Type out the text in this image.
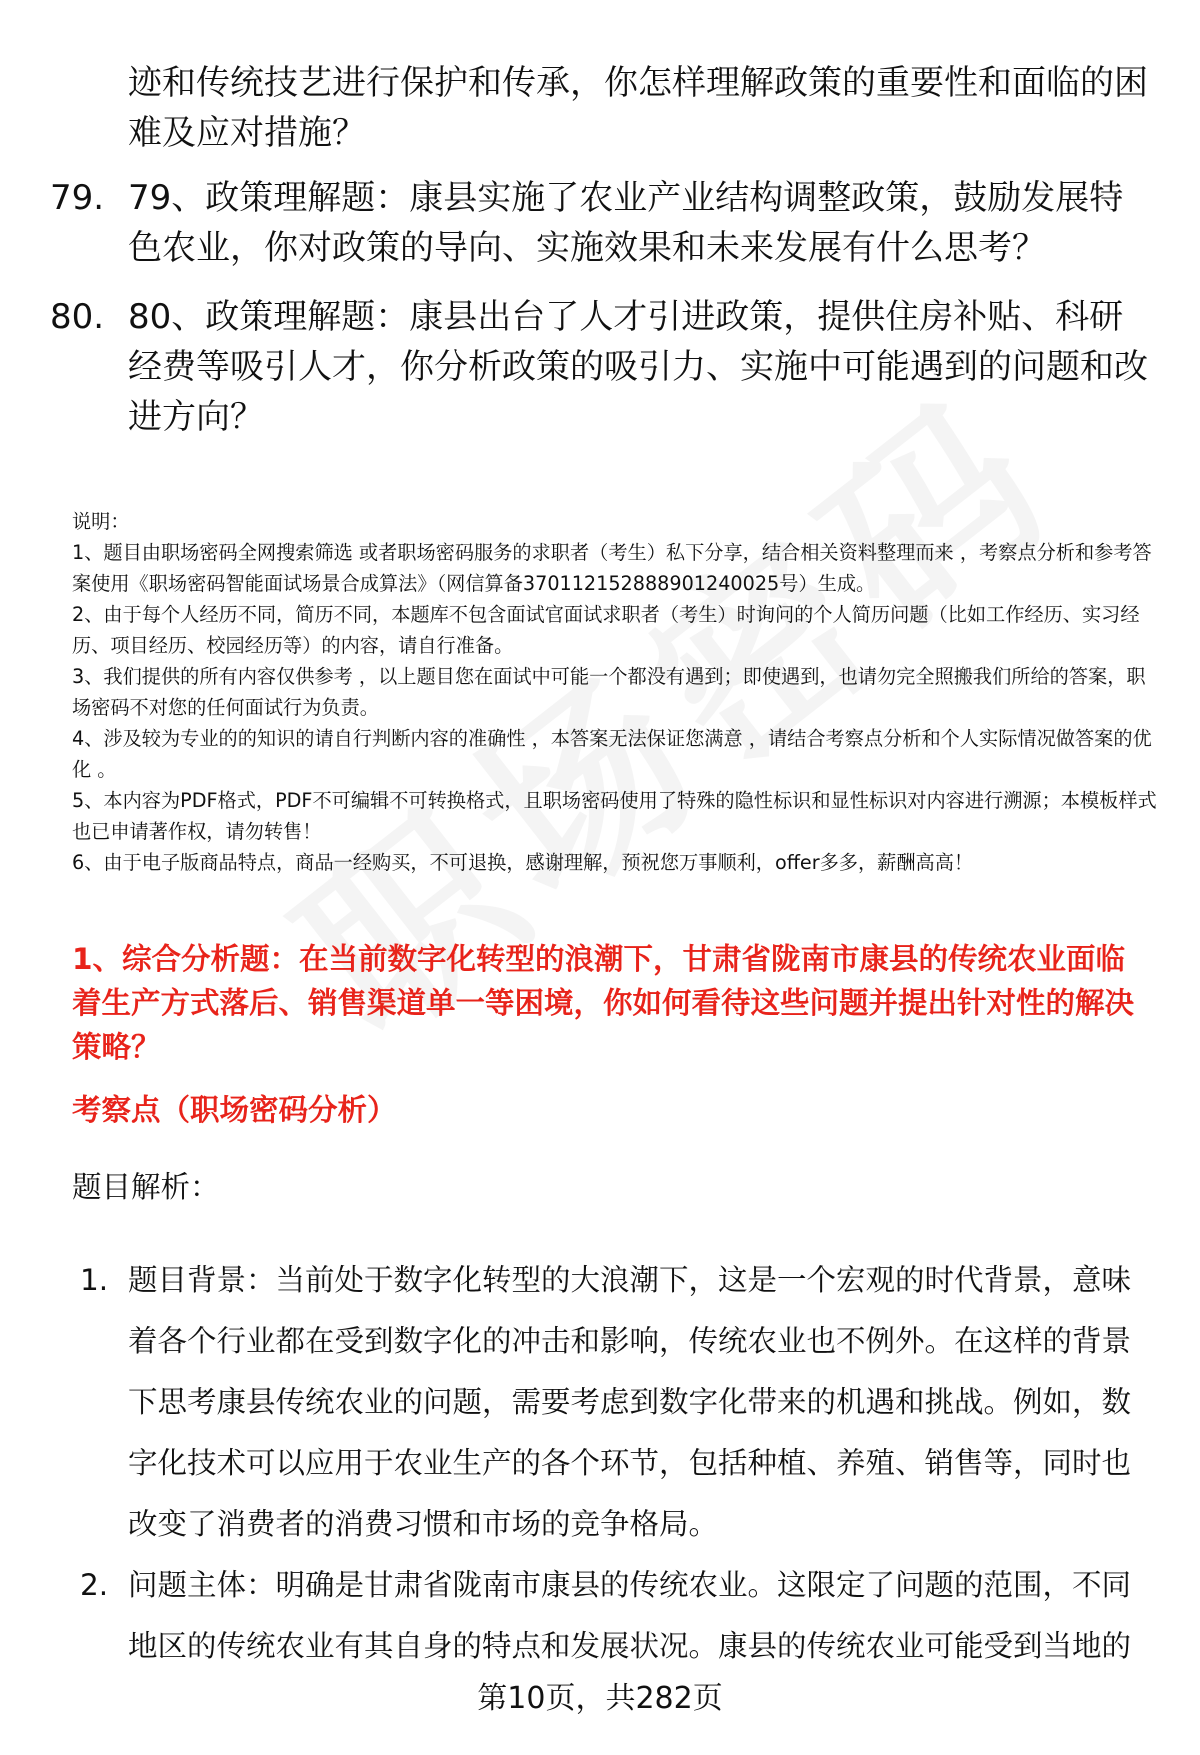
迹和传统技艺进行保护和传承，你怎样理解政策的重要性和面临的困难及应对措施？
79. 79、政策理解题：康县实施了农业产业结构调整政策，鼓励发展特色农业，你对政策的导向、实施效果和未来发展有什么思考？
80. 80、政策理解题：康县出台了人才引进政策，提供住房补贴、科研经费等吸引人才，你分析政策的吸引力、实施中可能遇到的问题和改进方向？
说明：
1、题目由职场密码全网搜索筛选 或者职场密码服务的求职者（考生）私下分享，结合相关资料整理而来 ，考察点分析和参考答案使用《职场密码智能面试场景合成算法》（网信算备370112152888901240025号）生成。
2、由于每个人经历不同，简历不同，本题库不包含面试官面试求职者（考生）时询问的个人简历问题（比如工作经历、实习经历、项目经历、校园经历等）的内容，请自行准备。
3、我们提供的所有内容仅供参考 ，以上题目您在面试中可能一个都没有遇到；即使遇到，也请勿完全照搬我们所给的答案，职场密码不对您的任何面试行为负责。
4、涉及较为专业的的知识的请自行判断内容的准确性 ，本答案无法保证您满意 ，请结合考察点分析和个人实际情况做答案的优化 。
5、本内容为PDF格式，PDF不可编辑不可转换格式，且职场密码使用了特殊的隐性标识和显性标识对内容进行溯源；本模板样式也已申请著作权，请勿转售！
6、由于电子版商品特点，商品一经购买，不可退换，感谢理解，预祝您万事顺利，offer多多，薪酬高高！
1、综合分析题：在当前数字化转型的浪潮下，甘肃省陇南市康县的传统农业面临着生产方式落后、销售渠道单一等困境，你如何看待这些问题并提出针对性的解决策略？
考察点（职场密码分析）
题目解析：
1. 题目背景：当前处于数字化转型的大浪潮下，这是一个宏观的时代背景，意味着各个行业都在受到数字化的冲击和影响，传统农业也不例外。在这样的背景下思考康县传统农业的问题，需要考虑到数字化带来的机遇和挑战。例如，数字化技术可以应用于农业生产的各个环节，包括种植、养殖、销售等，同时也改变了消费者的消费习惯和市场的竞争格局。
2. 问题主体：明确是甘肃省陇南市康县的传统农业。这限定了问题的范围，不同地区的传统农业有其自身的特点和发展状况。康县的传统农业可能受到当地的
第10页，共282页
